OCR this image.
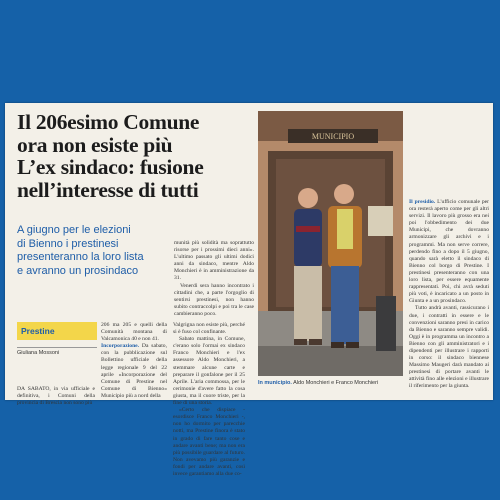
Il 206esimo Comune
ora non esiste più
L’ex sindaco: fusione
nell’interesse di tutti

munità più solidità ma soprattutto risorse per i prossimi dieci anni». L'ultimo passato gli ultimi dodici anni da sindaco, mentre Aldo Monchieri è in amministrazione da 31.

Venerdì sera hanno incontrato i cittadini che, a parte l'orgoglio di sentirsi prestinesi, non hanno subito contraccolpi e poi tra le case cambieranno poco.

A giugno per le elezioni
di Bienno i prestinesi
presenteranno la loro lista
e avranno un prosindaco
Prestine
Giuliana Mossoni

DA SABATO, in via ufficiale e definitiva, i Comuni della provincia di Brescia non sono più

206 ma 205 e quelli della Comunità montana di Valcamonica 40 e non 41.

Incorporazione. Da sabato, con la pubblicazione sul Bollettino ufficiale della legge regionale 9 del 22 aprile «Incorporazione del Comune di Prestine nel Comune di Bienno» Municipio più a nord della

Valgrigna non esiste più, perché si è fuso col confinante.

Sabato mattina, in Comune, c'erano solo l'ormai ex sindaco Franco Monchieri e l'ex assessore Aldo Monchieri, a stemmare alcune carte e preparare il gonfalone per il 25 Aprile. L'aria commossa, per le cerimonie d'avere fatto la cosa giusta, ma il cuore triste, per la fine di una storia.

«Certo che dispiace - esordisce Franco Monchieri -, non ho dormito per parecchie notti, ma Prestine finora è stato in grado di fare tanto cose e andare avanti bene; ma non era più possibile guardare al futuro. Non avevamo più garanzie e fondi per andare avanti, così invece garantiamo alla due co-

MUNICIPIO
In municipio. Aldo Monchieri e Franco Monchieri

Il presidio. L'ufficio comunale per ora resterà aperto come per gli altri servizi. Il lavoro più grosso era nei poi l'obbedimento dei due Municipi, che dovranno armonizzare gli archivi e i programmi. Ma non serve correre, perdendo fino a dopo il 5 giugno, quando sarà eletto il sindaco di Bienno col borgo di Prestine. I prestinesi presenteranno con una loro lista, per essere equamente rappresentati. Poi, chi avrà seduti più voti, è incaricato a un posto in Giunta e a un prosindaco.

Tutto andrà avanti, rassicurano i due, i contratti in essere e le convenzioni saranno presi in carico da Bienno e saranno sempre validi. Oggi è in programma un incontro a Bienno con gli amministratori e i dipendenti per illustrare i rapporti in corso: il sindaco biennese Massimo Maugeri darà mandato ai prestinesi di portare avanti le attività fino alle elezioni e illustrare il riferimento per la giunta.
